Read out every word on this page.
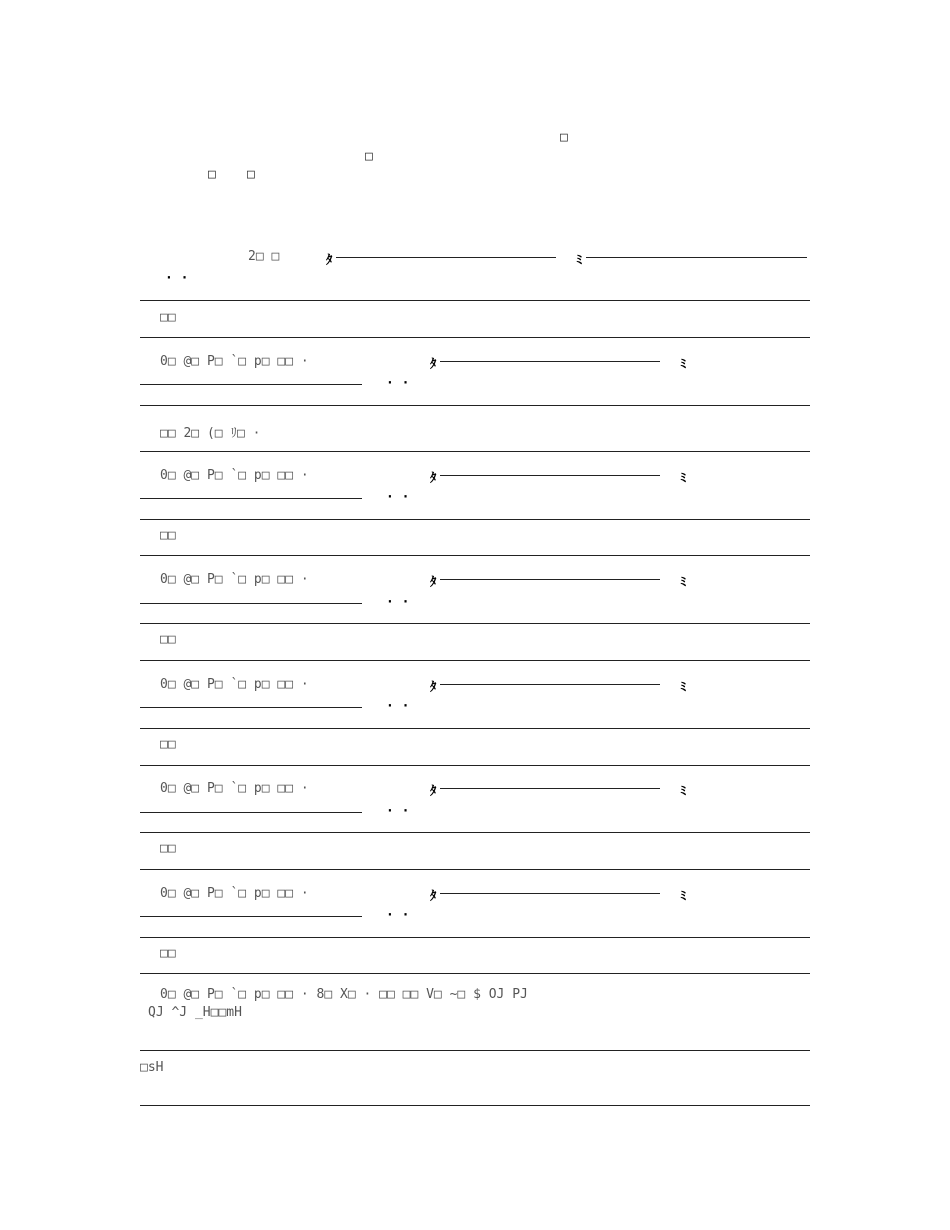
□
□
□ □
2□ □	ﾀ	ﾐ
· ·
□□
0□ @□ P□ `□ p□ □□ ·	ﾀ	ﾐ
· ·
□□ 2□ (□ ﾘ□ ·
0□ @□ P□ `□ p□ □□ ·	ﾀ	ﾐ
· ·
□□
0□ @□ P□ `□ p□ □□ ·	ﾀ	ﾐ
· ·
□□
0□ @□ P□ `□ p□ □□ ·	ﾀ	ﾐ
· ·
□□
0□ @□ P□ `□ p□ □□ ·	ﾀ	ﾐ
· ·
□□
0□ @□ P□ `□ p□ □□ ·	ﾀ	ﾐ
· ·
□□
0□ @□ P□ `□ p□ □□ · 8□ X□ · □□ □□ V□ ~□ $ OJ PJ
QJ ^J _H□□mH
□sH
